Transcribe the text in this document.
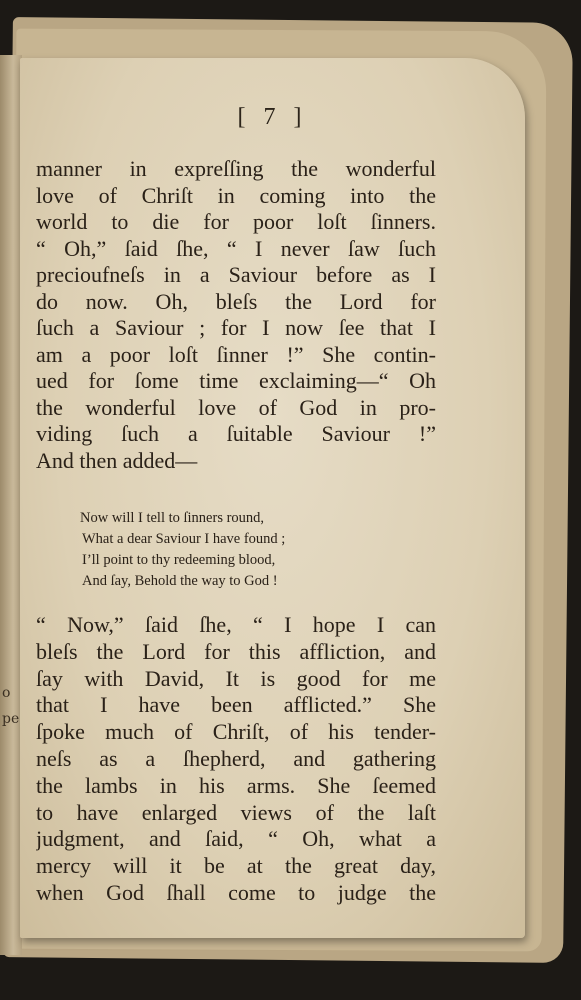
o
pe
[ 7 ]
manner in expreſſing the wonderful
love of Chriſt in coming into the
world to die for poor loſt ſinners.
“ Oh,” ſaid ſhe, “ I never ſaw ſuch
precioufneſs in a Saviour before as I
do now. Oh, bleſs the Lord for
ſuch a Saviour ; for I now ſee that I
am a poor loſt ſinner !” She contin-
ued for ſome time exclaiming—“ Oh
the wonderful love of God in pro-
viding ſuch a ſuitable Saviour !”
And then added—
Now will I tell to ſinners round,
What a dear Saviour I have found ;
I’ll point to thy redeeming blood,
And ſay, Behold the way to God !
“ Now,” ſaid ſhe, “ I hope I can
bleſs the Lord for this affliction, and
ſay with David, It is good for me
that I have been afflicted.” She
ſpoke much of Chriſt, of his tender-
neſs as a ſhepherd, and gathering
the lambs in his arms. She ſeemed
to have enlarged views of the laſt
judgment, and ſaid, “ Oh, what a
mercy will it be at the great day,
when God ſhall come to judge the
